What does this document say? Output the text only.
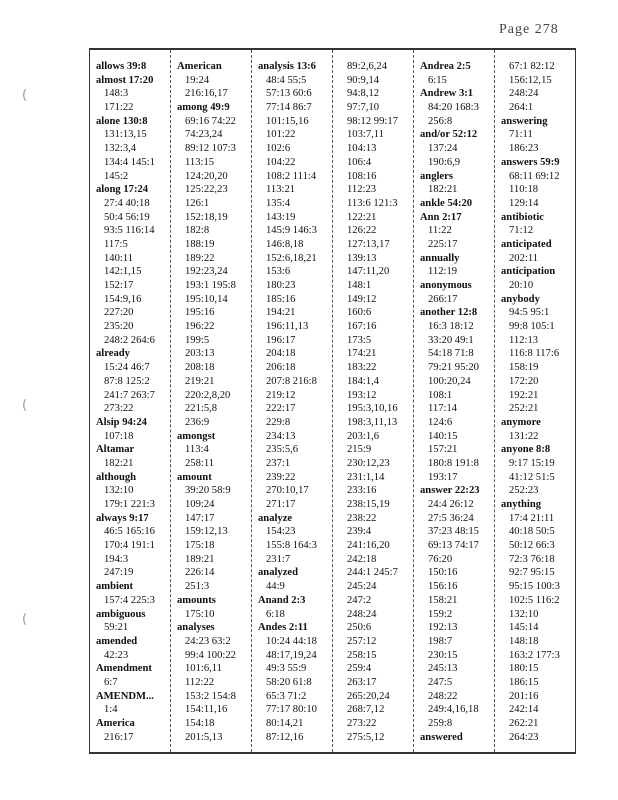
Page 278
(
(
(
allows 39:8
almost 17:20
148:3
171:22
alone 130:8
131:13,15
132:3,4
134:4 145:1
145:2
along 17:24
27:4 40:18
50:4 56:19
93:5 116:14
117:5
140:11
142:1,15
152:17
154:9,16
227:20
235:20
248:2 264:6
already
15:24 46:7
87:8 125:2
241:7 263:7
273:22
Alsip 94:24
107:18
Altamar
182:21
although
132:10
179:1 221:3
always 9:17
46:5 165:16
170:4 191:1
194:3
247:19
ambient
157:4 225:3
ambiguous
59:21
amended
42:23
Amendment
6:7
AMENDM...
1:4
America
216:17
American
19:24
216:16,17
among 49:9
69:16 74:22
74:23,24
89:12 107:3
113:15
124:20,20
125:22,23
126:1
152:18,19
182:8
188:19
189:22
192:23,24
193:1 195:8
195:10,14
195:16
196:22
199:5
203:13
208:18
219:21
220:2,8,20
221:5,8
236:9
amongst
113:4
258:11
amount
39:20 58:9
109:24
147:17
159:12,13
175:18
189:21
226:14
251:3
amounts
175:10
analyses
24:23 63:2
99:4 100:22
101:6,11
112:22
153:2 154:8
154:11,16
154:18
201:5,13
analysis 13:6
48:4 55:5
57:13 60:6
77:14 86:7
101:15,16
101:22
102:6
104:22
108:2 111:4
113:21
135:4
143:19
145:9 146:3
146:8,18
152:6,18,21
153:6
180:23
185:16
194:21
196:11,13
196:17
204:18
206:18
207:8 216:8
219:12
222:17
229:8
234:13
235:5,6
237:1
239:22
270:10,17
271:17
analyze
154:23
155:8 164:3
231:7
analyzed
44:9
Anand 2:3
6:18
Andes 2:11
10:24 44:18
48:17,19,24
49:3 55:9
58:20 61:8
65:3 71:2
77:17 80:10
80:14,21
87:12,16
89:2,6,24
90:9,14
94:8,12
97:7,10
98:12 99:17
103:7,11
104:13
106:4
108:16
112:23
113:6 121:3
122:21
126:22
127:13,17
139:13
147:11,20
148:1
149:12
160:6
167:16
173:5
174:21
183:22
184:1,4
193:12
195:3,10,16
198:3,11,13
203:1,6
215:9
230:12,23
231:1,14
233:16
238:15,19
238:22
239:4
241:16,20
242:18
244:1 245:7
245:24
247:2
248:24
250:6
257:12
258:15
259:4
263:17
265:20,24
268:7,12
273:22
275:5,12
Andrea 2:5
6:15
Andrew 3:1
84:20 168:3
256:8
and/or 52:12
137:24
190:6,9
anglers
182:21
ankle 54:20
Ann 2:17
11:22
225:17
annually
112:19
anonymous
266:17
another 12:8
16:3 18:12
33:20 49:1
54:18 71:8
79:21 95:20
100:20,24
108:1
117:14
124:6
140:15
157:21
180:8 191:8
193:17
answer 22:23
24:4 26:12
27:5 36:24
37:23 48:15
69:13 74:17
76:20
150:16
156:16
158:21
159:2
192:13
198:7
230:15
245:13
247:5
248:22
249:4,16,18
259:8
answered
67:1 82:12
156:12,15
248:24
264:1
answering
71:11
186:23
answers 59:9
68:11 69:12
110:18
129:14
antibiotic
71:12
anticipated
202:11
anticipation
20:10
anybody
94:5 95:1
99:8 105:1
112:13
116:8 117:6
158:19
172:20
192:21
252:21
anymore
131:22
anyone 8:8
9:17 15:19
41:12 51:5
252:23
anything
17:4 21:11
40:18 50:5
50:12 66:3
72:3 76:18
92:7 95:15
95:15 100:3
102:5 116:2
132:10
145:14
148:18
163:2 177:3
180:15
186:15
201:16
242:14
262:21
264:23
